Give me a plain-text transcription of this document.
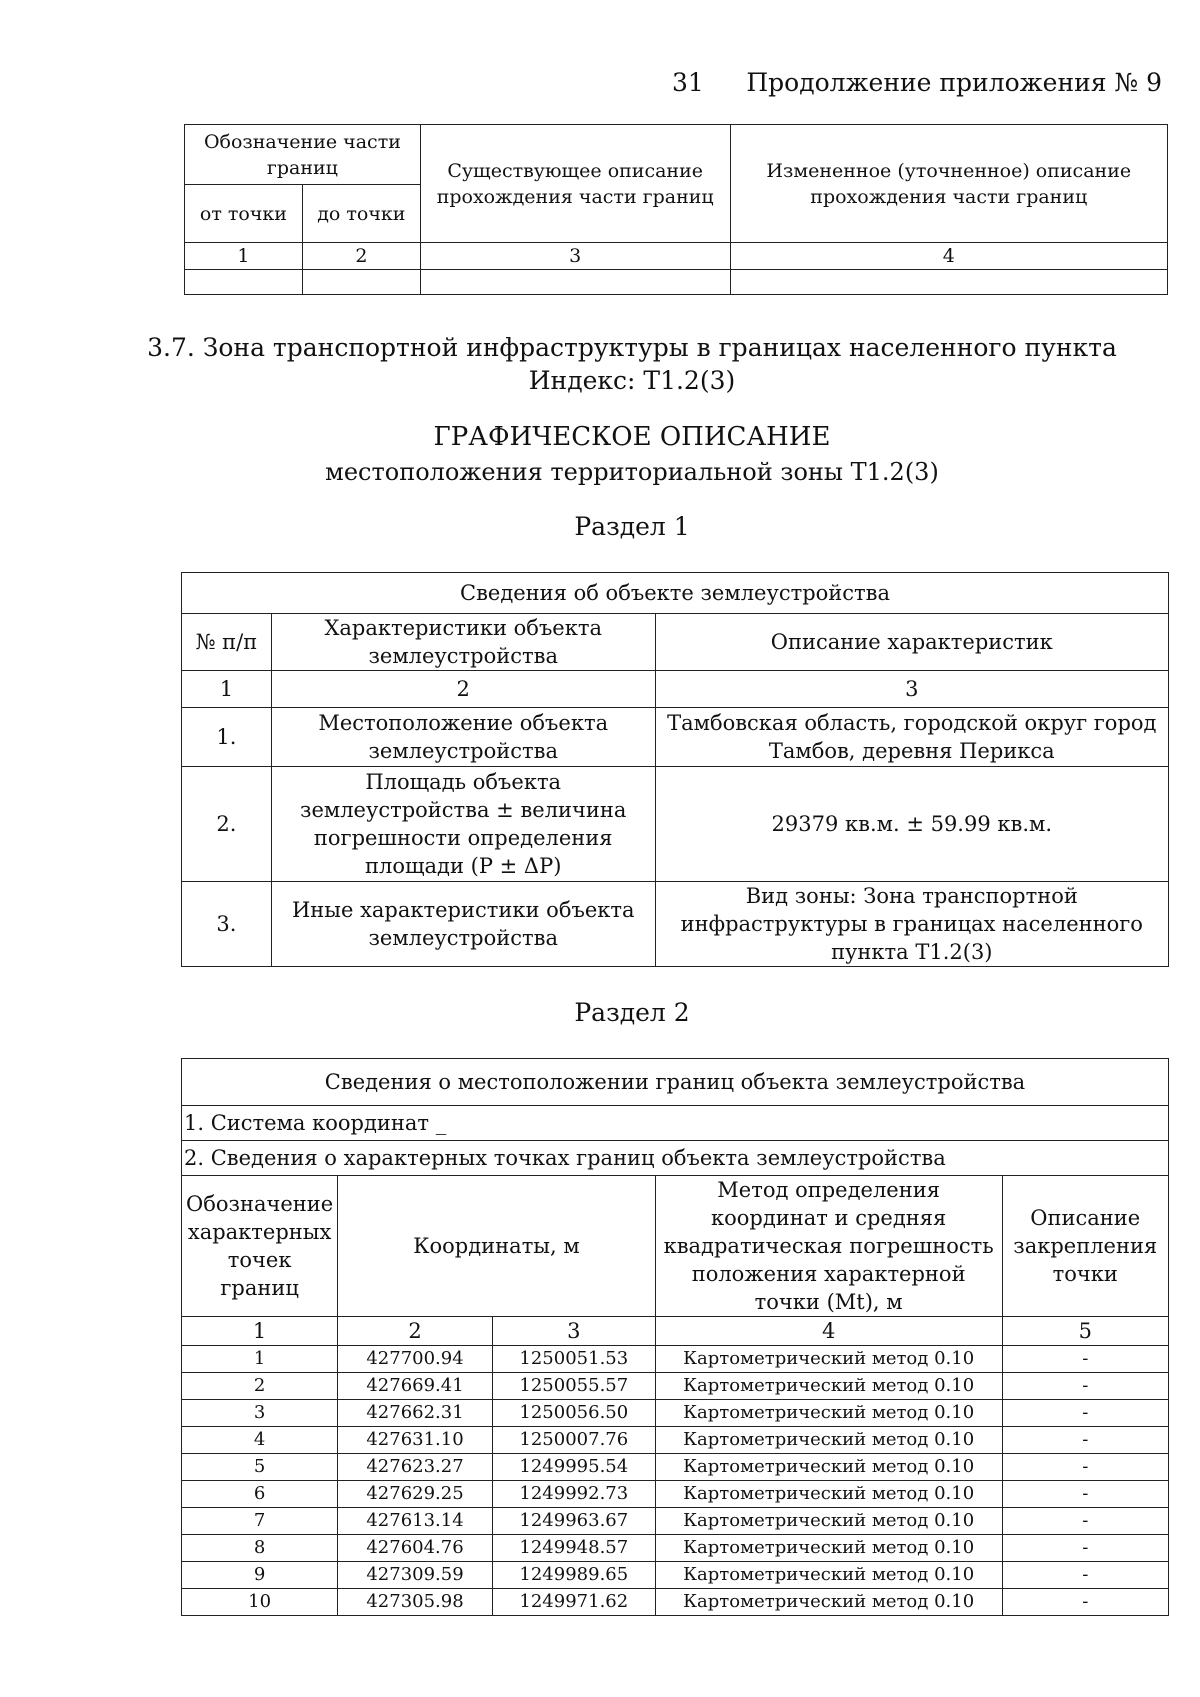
31 Продолжение приложения № 9
Обозначение части границ		Существующее описание прохождения части границ	Измененное (уточненное) описание прохождения части границ
от точки	до точки		
1	2	3	4

3.7. Зона транспортной инфраструктуры в границах населенного пункта
Индекс: Т1.2(3)
ГРАФИЧЕСКОЕ ОПИСАНИЕ
местоположения территориальной зоны Т1.2(3)
Раздел 1
Сведения об объекте землеустройства		
№ п/п	Характеристики объекта землеустройства	Описание характеристик
1	2	3
1.	Местоположение объекта землеустройства	Тамбовская область, городской округ город Тамбов, деревня Перикса
2.	Площадь объекта землеустройства ± величина погрешности определения площади (P ± ΔP)	29379 кв.м. ± 59.99 кв.м.
3.	Иные характеристики объекта землеустройства	Вид зоны: Зона транспортной инфраструктуры в границах населенного пункта Т1.2(3)
Раздел 2
Сведения о местоположении границ объекта землеустройства				
1. Система координат _				
2. Сведения о характерных точках границ объекта землеустройства				
Обозначение характерных точек границ	Координаты, м		Метод определения координат и средняя квадратическая погрешность положения характерной точки (Mt), м	Описание закрепления точки
1	2	3	4	5
1	427700.94	1250051.53	Картометрический метод 0.10	-
2	427669.41	1250055.57	Картометрический метод 0.10	-
3	427662.31	1250056.50	Картометрический метод 0.10	-
4	427631.10	1250007.76	Картометрический метод 0.10	-
5	427623.27	1249995.54	Картометрический метод 0.10	-
6	427629.25	1249992.73	Картометрический метод 0.10	-
7	427613.14	1249963.67	Картометрический метод 0.10	-
8	427604.76	1249948.57	Картометрический метод 0.10	-
9	427309.59	1249989.65	Картометрический метод 0.10	-
10	427305.98	1249971.62	Картометрический метод 0.10	-
